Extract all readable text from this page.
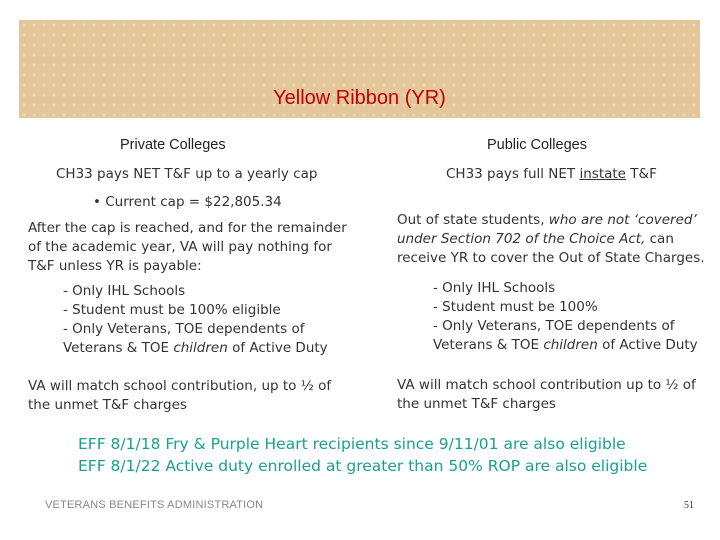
Yellow Ribbon (YR)
Private Colleges
CH33 pays NET T&F up to a yearly cap
• Current cap = $22,805.34
After the cap is reached, and for the remainder
of the academic year, VA will pay nothing for
T&F unless YR is payable:
- Only IHL Schools
- Student must be 100% eligible
- Only Veterans, TOE dependents of
Veterans & TOE children of Active Duty
VA will match school contribution, up to ½ of
the unmet T&F charges
Public Colleges
CH33 pays full NET instate T&F
Out of state students, who are not ‘covered’
under Section 702 of the Choice Act, can
receive YR to cover the Out of State Charges.
- Only IHL Schools
- Student must be 100%
- Only Veterans, TOE dependents of
Veterans & TOE children of Active Duty
VA will match school contribution up to ½ of
the unmet T&F charges
EFF 8/1/18 Fry & Purple Heart recipients since 9/11/01 are also eligible
EFF 8/1/22 Active duty enrolled at greater than 50% ROP are also eligible
VETERANS BENEFITS ADMINISTRATION	51
